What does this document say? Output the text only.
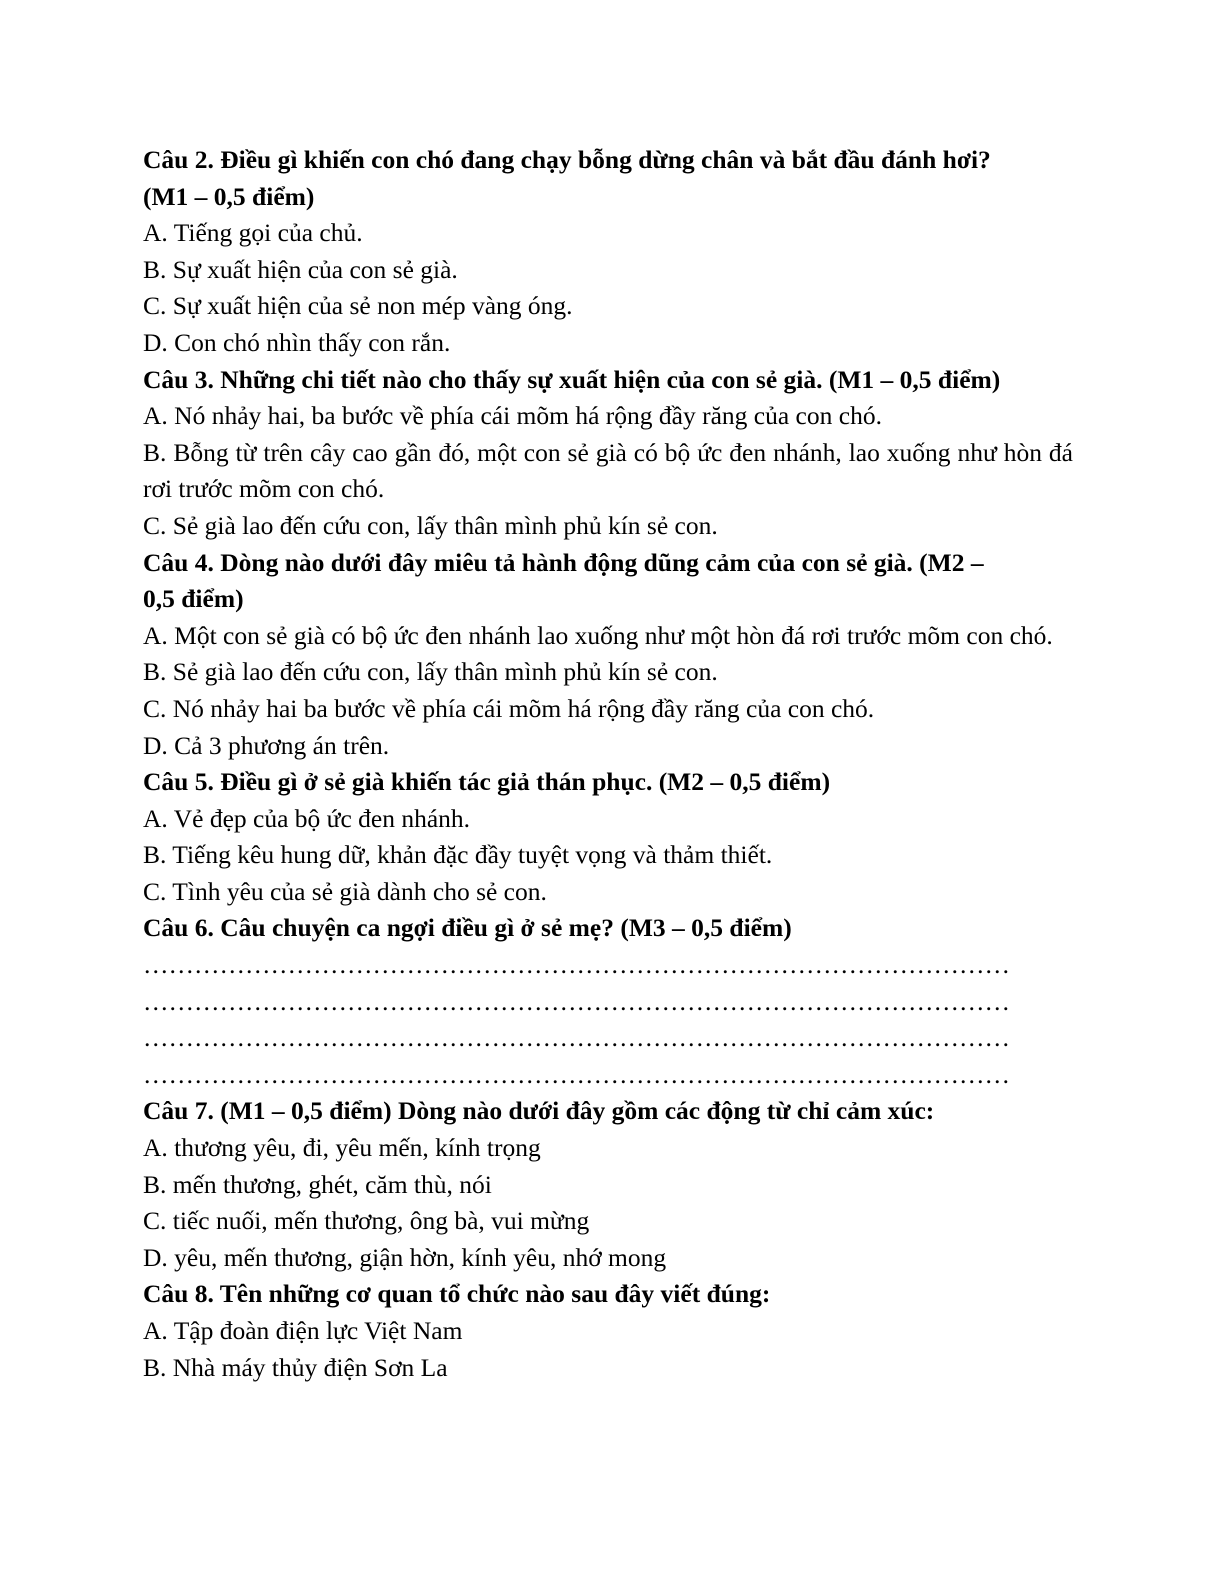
Câu 2. Điều gì khiến con chó đang chạy bỗng dừng chân và bắt đầu đánh hơi?
(M1 – 0,5 điểm)
A. Tiếng gọi của chủ.
B. Sự xuất hiện của con sẻ già.
C. Sự xuất hiện của sẻ non mép vàng óng.
D. Con chó nhìn thấy con rắn.
Câu 3. Những chi tiết nào cho thấy sự xuất hiện của con sẻ già. (M1 – 0,5 điểm)
A. Nó nhảy hai, ba bước về phía cái mõm há rộng đầy răng của con chó.
B. Bỗng từ trên cây cao gần đó, một con sẻ già có bộ ức đen nhánh, lao xuống như hòn đá rơi trước mõm con chó.
C. Sẻ già lao đến cứu con, lấy thân mình phủ kín sẻ con.
Câu 4. Dòng nào dưới đây miêu tả hành động dũng cảm của con sẻ già. (M2 –
0,5 điểm)
A. Một con sẻ già có bộ ức đen nhánh lao xuống như một hòn đá rơi trước mõm con chó.
B. Sẻ già lao đến cứu con, lấy thân mình phủ kín sẻ con.
C. Nó nhảy hai ba bước về phía cái mõm há rộng đầy răng của con chó.
D. Cả 3 phương án trên.
Câu 5. Điều gì ở sẻ già khiến tác giả thán phục. (M2 – 0,5 điểm)
A. Vẻ đẹp của bộ ức đen nhánh.
B. Tiếng kêu hung dữ, khản đặc đầy tuyệt vọng và thảm thiết.
C. Tình yêu của sẻ già dành cho sẻ con.
Câu 6. Câu chuyện ca ngợi điều gì ở sẻ mẹ? (M3 – 0,5 điểm)
…………………………………………………………………………………………
…………………………………………………………………………………………
…………………………………………………………………………………………
…………………………………………………………………………………………
Câu 7. (M1 – 0,5 điểm) Dòng nào dưới đây gồm các động từ chỉ cảm xúc:
A. thương yêu, đi, yêu mến, kính trọng
B. mến thương, ghét, căm thù, nói
C. tiếc nuối, mến thương, ông bà, vui mừng
D. yêu, mến thương, giận hờn, kính yêu, nhớ mong
Câu 8. Tên những cơ quan tổ chức nào sau đây viết đúng:
A. Tập đoàn điện lực Việt Nam
B. Nhà máy thủy điện Sơn La
